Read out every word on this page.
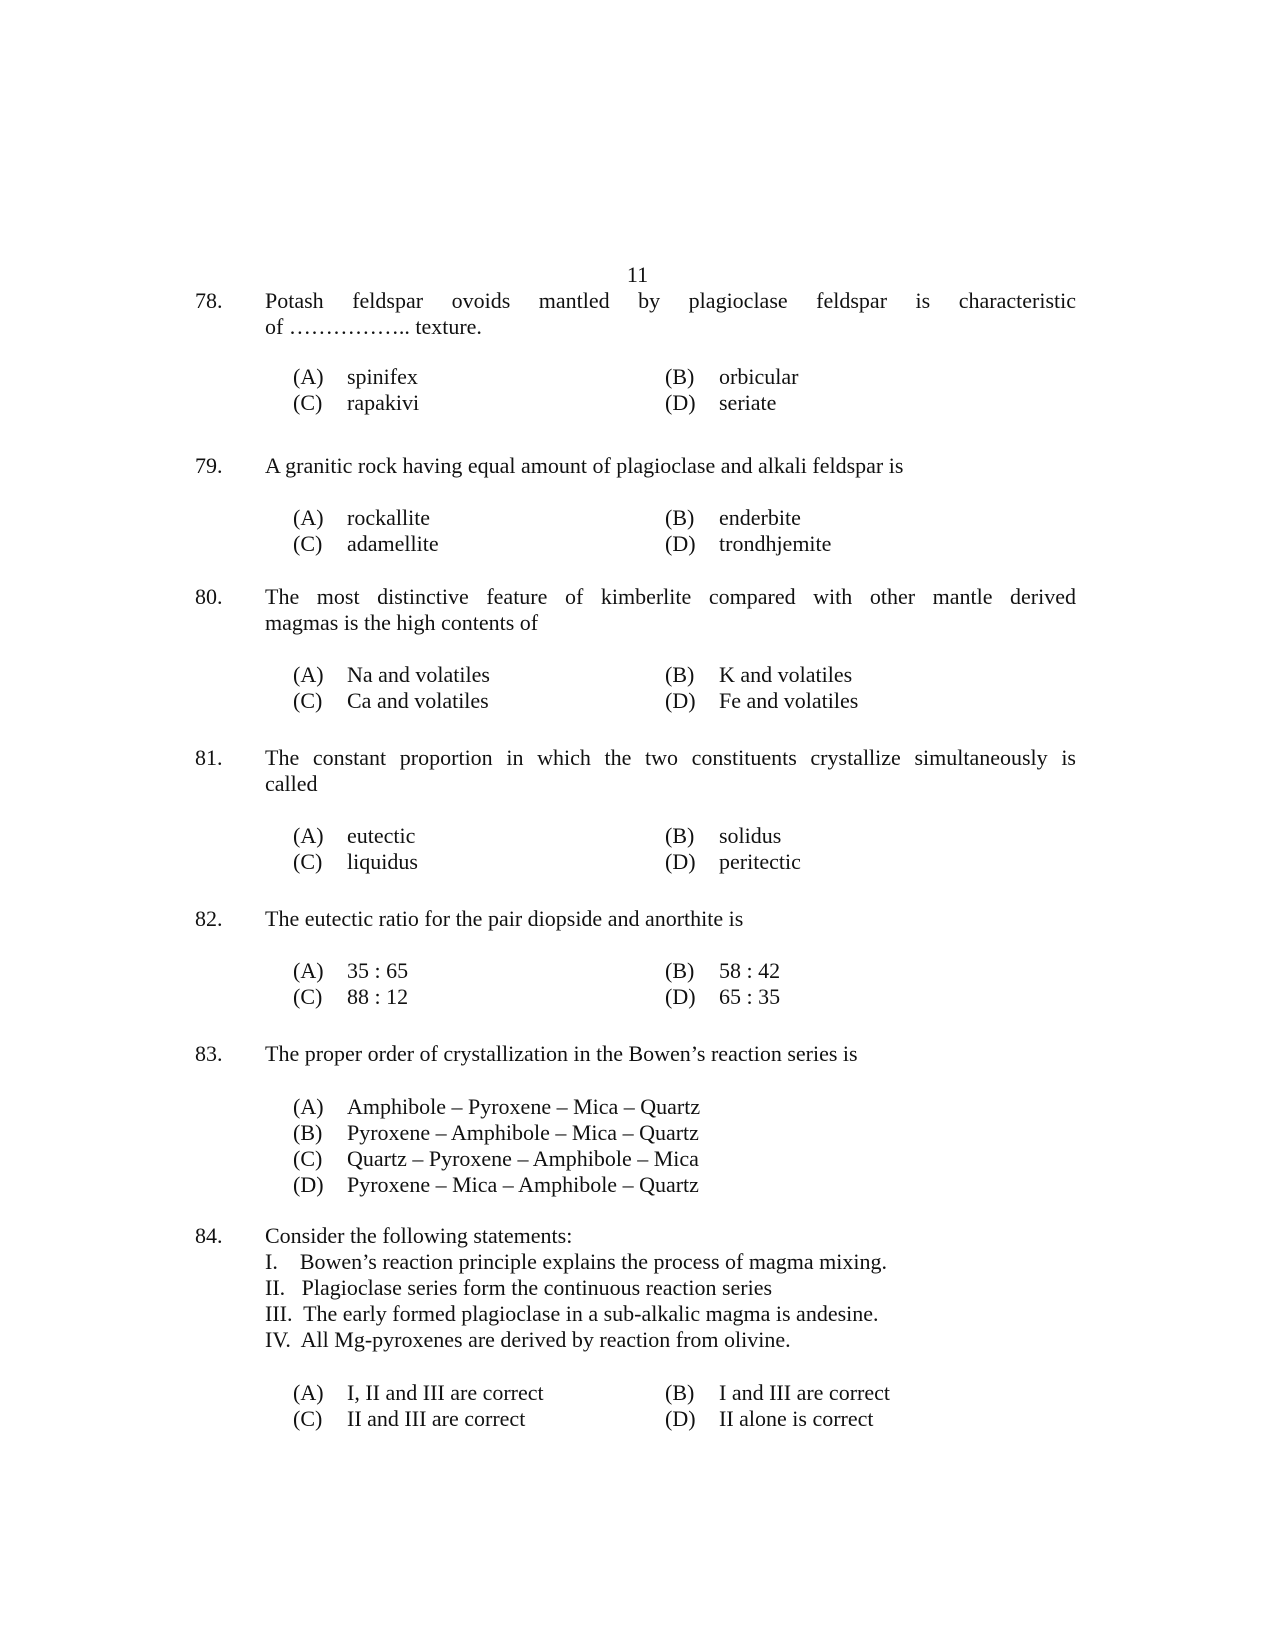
11
78. Potash feldspar ovoids mantled by plagioclase feldspar is characteristic
of …………….. texture.
(A) spinifex	(B) orbicular
(C) rapakivi	(D) seriate
79. A granitic rock having equal amount of plagioclase and alkali feldspar is
(A) rockallite	(B) enderbite
(C) adamellite	(D) trondhjemite
80. The most distinctive feature of kimberlite compared with other mantle derived
magmas is the high contents of
(A) Na and volatiles	(B) K and volatiles
(C) Ca and volatiles	(D) Fe and volatiles
81. The constant proportion in which the two constituents crystallize simultaneously is
called
(A) eutectic	(B) solidus
(C) liquidus	(D) peritectic
82. The eutectic ratio for the pair diopside and anorthite is
(A) 35 : 65	(B) 58 : 42
(C) 88 : 12	(D) 65 : 35
83. The proper order of crystallization in the Bowen’s reaction series is
(A) Amphibole – Pyroxene – Mica – Quartz
(B) Pyroxene – Amphibole – Mica – Quartz
(C) Quartz – Pyroxene – Amphibole – Mica
(D) Pyroxene – Mica – Amphibole – Quartz
84. Consider the following statements:
I.    Bowen’s reaction principle explains the process of magma mixing.
II.   Plagioclase series form the continuous reaction series
III.  The early formed plagioclase in a sub-alkalic magma is andesine.
IV.  All Mg-pyroxenes are derived by reaction from olivine.
(A) I, II and III are correct	(B) I and III are correct
(C) II and III are correct	(D) II alone is correct
